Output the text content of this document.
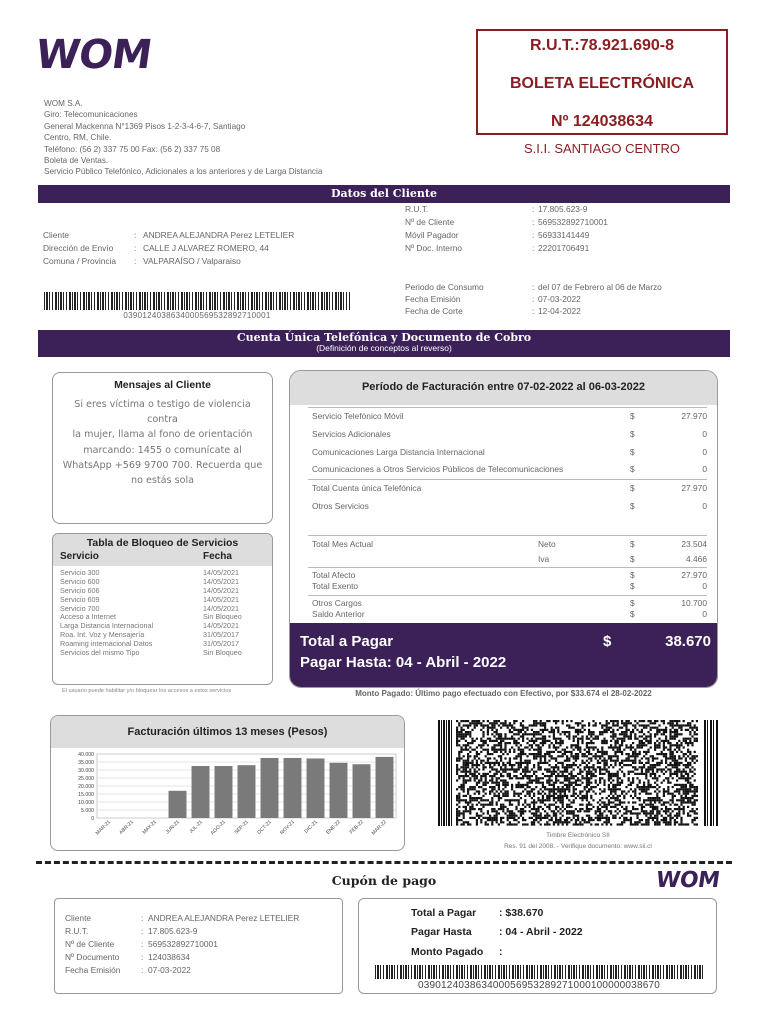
WOM
WOM S.A.
Giro: Telecomunicaciones
General Mackenna N°1369 Pisos 1-2-3-4-6-7, Santiago
Centro, RM, Chile.
Teléfono: (56 2) 337 75 00 Fax: (56 2) 337 75 08
Boleta de Ventas.
Servicio Público Telefónico, Adicionales a los anteriores y de Larga Distancia
R.U.T.:78.921.690-8
BOLETA ELECTRÓNICA
Nº 124038634
S.I.I. SANTIAGO CENTRO
Datos del Cliente
Cliente	: ANDREA ALEJANDRA Perez LETELIER
Dirección de Envío : CALLE J ALVAREZ ROMERO, 44
Comuna / Provincia : VALPARAÍSO / Valparaiso
R.U.T.	: 17.805.623-9
Nº de Cliente	: 569532892710001
Móvil Pagador	: 56933141449
Nº Doc. Interno	: 22201706491
Periodo de Consumo	: del 07 de Febrero al 06 de Marzo
Fecha Emisión	: 07-03-2022
Fecha de Corte	: 12-04-2022
039012403863400056953289271000​1
Cuenta Única Telefónica y Documento de Cobro
(Definición de conceptos al reverso)
Mensajes al Cliente
Si eres víctima o testigo de violencia contra
la mujer, llama al fono de orientación
marcando: 1455 o comunícate al
WhatsApp +569 9700 700. Recuerda que
no estás sola
Tabla de Bloqueo de Servicios
Servicio	Fecha
Servicio 300	14/05/2021
Servicio 600	14/05/2021
Servicio 606	14/05/2021
Servicio 609	14/05/2021
Servicio 700	14/05/2021
Acceso a Internet	Sin Bloqueo
Larga Distancia Internacional	14/05/2021
Roa. Int. Voz y Mensajería	31/05/2017
Roaming internacional Datos	31/05/2017
Servicios del mismo Tipo	Sin Bloqueo
El usuario puede habilitar y/o bloquear los accesos a estos servicios
Período de Facturación entre 07-02-2022 al 06-03-2022
Servicio Telefónico Móvil	$	27.970
Servicios Adicionales	$	0
Comunicaciones Larga Distancia Internacional	$	0
Comunicaciones a Otros Servicios Públicos de Telecomunicaciones	$	0
Total Cuenta única Telefónica	$	27.970
Otros Servicios	$	0
Total Mes Actual	Neto	$	23.504
Iva	$	4.466
Total Afecto	$	27.970
Total Exento	$	0
Otros Cargos	$	10.700
Saldo Anterior	$	0
Total a Pagar	$	38.670
Pagar Hasta: 04 - Abril - 2022
Monto Pagado: Último pago efectuado con Efectivo, por $33.674 el 28-02-2022
Facturación últimos 13 meses (Pesos)
0
5.000
10.000
15.000
20.000
25.000
30.000
35.000
40.000
MAR-21 ABR-21 MAY-21 JUN-21 JUL-21 AGO-21 SEP-21 OCT-21 NOV-21 DIC-21 ENE-22 FEB-22 MAR-22	Timbre Electrónico SII
Res. 91 del 2008. - Verifique documento: www.sii.cl
Cupón de pago	WOM
Cliente	: ANDREA ALEJANDRA Perez LETELIER
R.U.T.	: 17.805.623-9
Nº de Cliente	: 569532892710001
Nº Documento	: 124038634
Fecha Emisión : 07-03-2022
Total a Pagar : $38.670
Pagar Hasta	: 04 - Abril - 2022
Monto Pagado :
039012403863400056953289271000100000038670
